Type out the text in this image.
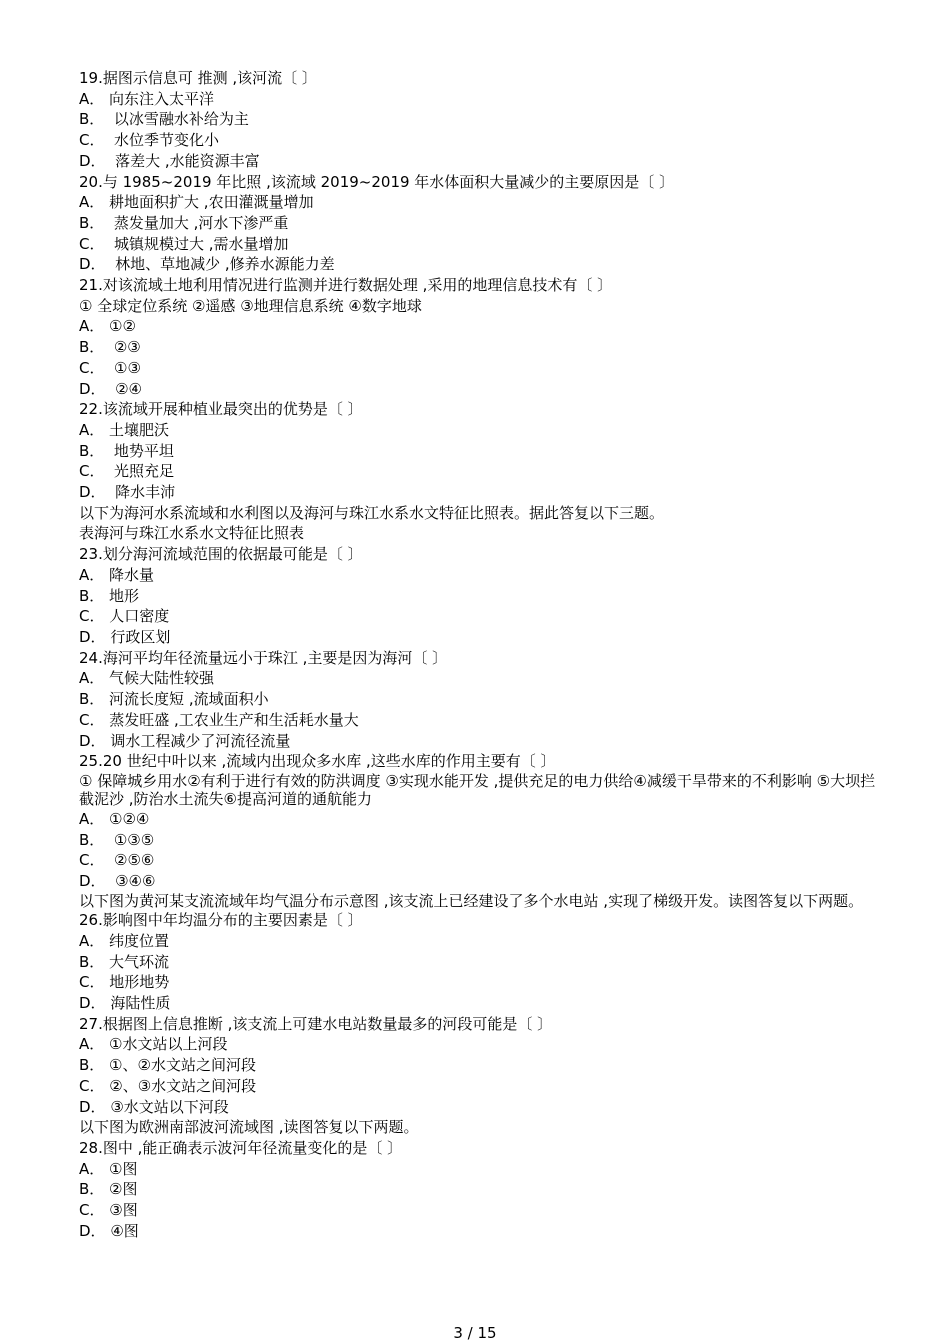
19.据图示信息可 推测 ,该河流〔 〕
A． 向东注入太平洋
B．  以冰雪融水补给为主
C．  水位季节变化小
D．  落差大 ,水能资源丰富
20.与 1985~2019 年比照 ,该流域 2019~2019 年水体面积大量减少的主要原因是〔 〕
A． 耕地面积扩大 ,农田灌溉量增加
B．  蒸发量加大 ,河水下渗严重
C．  城镇规模过大 ,需水量增加
D．  林地、草地减少 ,修养水源能力差
21.对该流域土地利用情况进行监测并进行数据处理 ,采用的地理信息技术有〔 〕
① 全球定位系统 ②遥感 ③地理信息系统 ④数字地球
A． ①②
B．  ②③
C．  ①③
D．  ②④
22.该流域开展种植业最突出的优势是〔 〕
A． 土壤肥沃
B．  地势平坦
C．  光照充足
D．  降水丰沛
以下为海河水系流域和水利图以及海河与珠江水系水文特征比照表。据此答复以下三题。
表海河与珠江水系水文特征比照表
23.划分海河流域范围的依据最可能是〔 〕
A． 降水量
B． 地形
C． 人口密度
D． 行政区划
24.海河平均年径流量远小于珠江 ,主要是因为海河〔 〕
A． 气候大陆性较强
B． 河流长度短 ,流域面积小
C． 蒸发旺盛 ,工农业生产和生活耗水量大
D． 调水工程减少了河流径流量
25.20 世纪中叶以来 ,流域内出现众多水库 ,这些水库的作用主要有〔 〕
① 保障城乡用水②有利于进行有效的防洪调度 ③实现水能开发 ,提供充足的电力供给④减缓干旱带来的不利影响 ⑤大坝拦截泥沙 ,防治水土流失⑥提高河道的通航能力
A． ①②④
B．  ①③⑤
C．  ②⑤⑥
D．  ③④⑥
以下图为黄河某支流流域年均气温分布示意图 ,该支流上已经建设了多个水电站 ,实现了梯级开发。读图答复以下两题。
26.影响图中年均温分布的主要因素是〔 〕
A． 纬度位置
B． 大气环流
C． 地形地势
D． 海陆性质
27.根据图上信息推断 ,该支流上可建水电站数量最多的河段可能是〔 〕
A． ①水文站以上河段
B． ①、②水文站之间河段
C． ②、③水文站之间河段
D． ③水文站以下河段
以下图为欧洲南部波河流域图 ,读图答复以下两题。
28.图中 ,能正确表示波河年径流量变化的是〔 〕
A． ①图
B． ②图
C． ③图
D． ④图
3 / 15
